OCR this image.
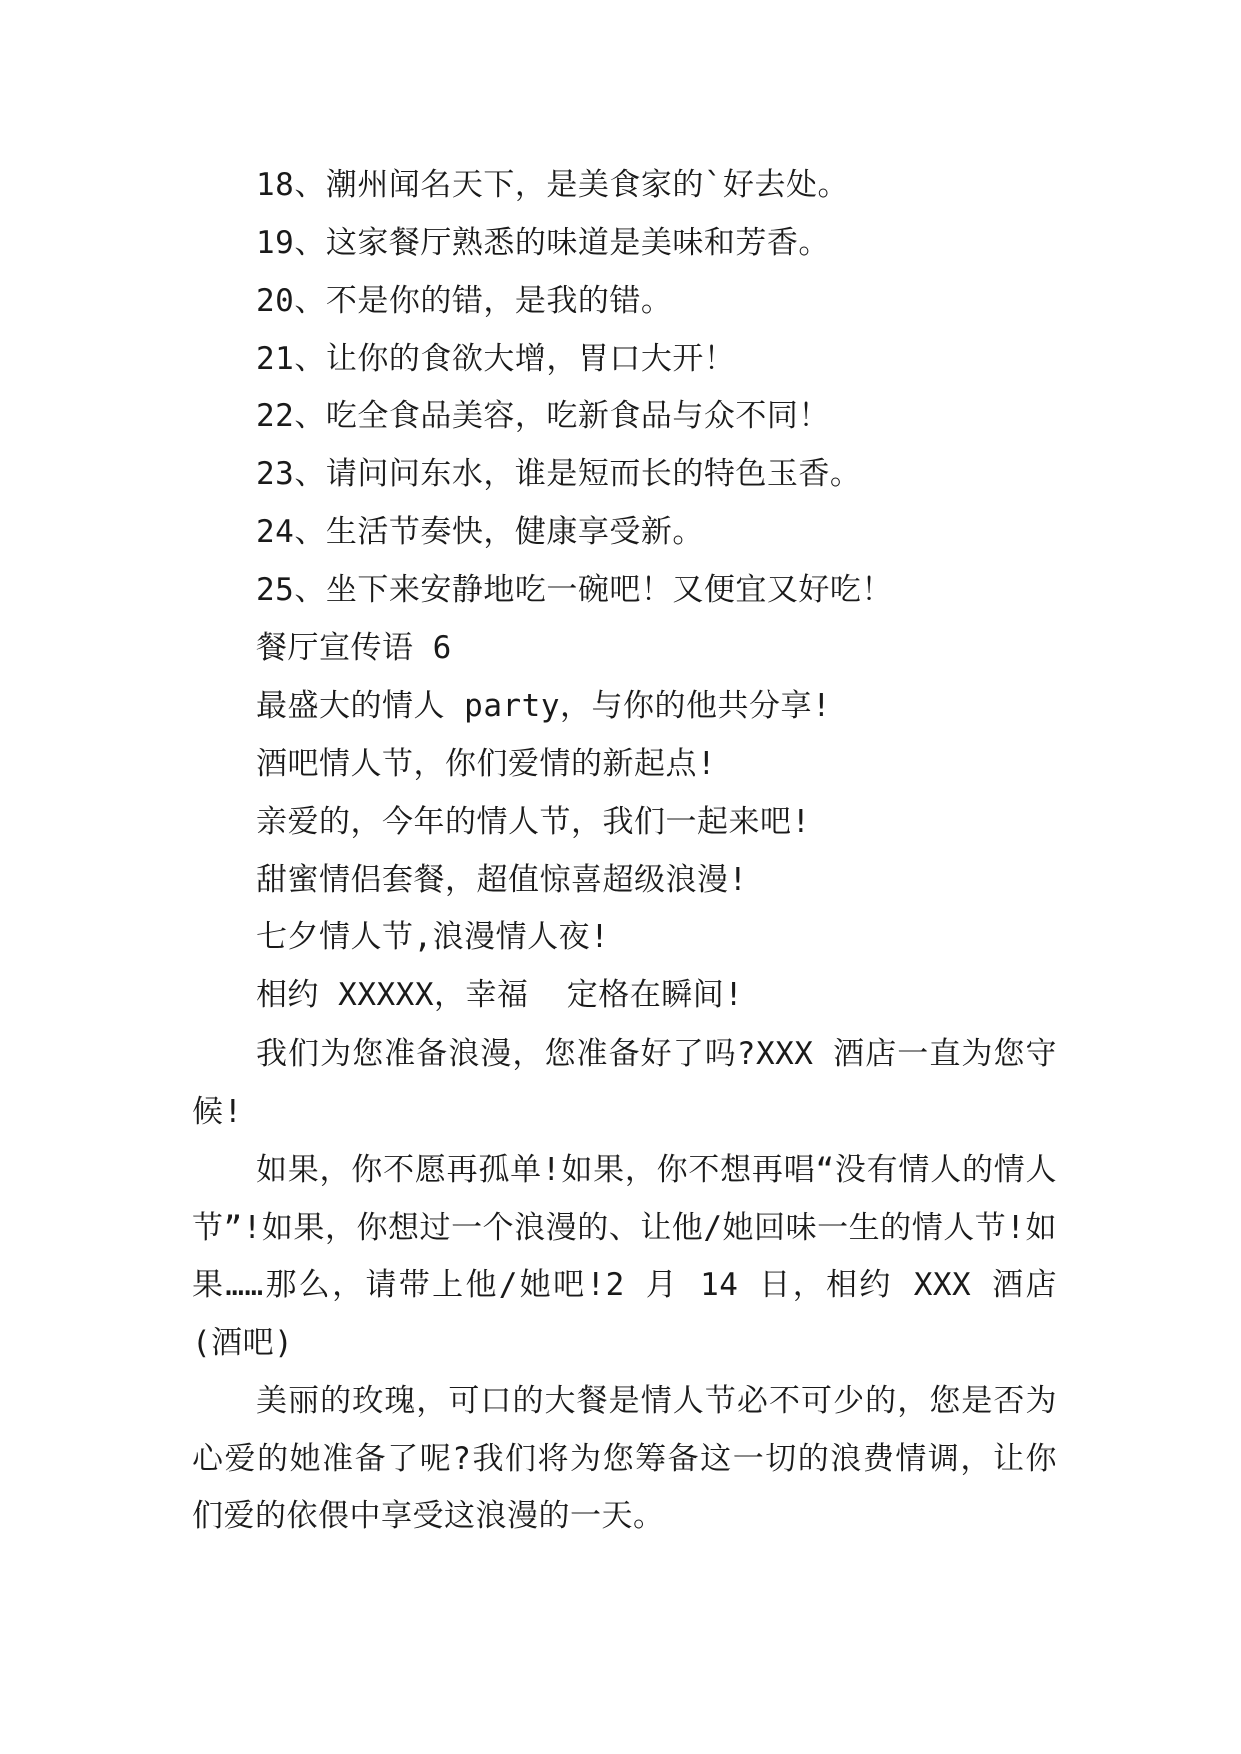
18、潮州闻名天下，是美食家的`好去处。
19、这家餐厅熟悉的味道是美味和芳香。
20、不是你的错，是我的错。
21、让你的食欲大增，胃口大开！
22、吃全食品美容，吃新食品与众不同！
23、请问问东水，谁是短而长的特色玉香。
24、生活节奏快，健康享受新。
25、坐下来安静地吃一碗吧！又便宜又好吃！
餐厅宣传语 6
最盛大的情人 party，与你的他共分享!
酒吧情人节，你们爱情的新起点!
亲爱的，今年的情人节，我们一起来吧!
甜蜜情侣套餐，超值惊喜超级浪漫!
七夕情人节,浪漫情人夜!
相约 XXXXX，幸福  定格在瞬间!

我们为您准备浪漫，您准备好了吗?XXX 酒店一直为您守候!

如果，你不愿再孤单!如果，你不想再唱“没有情人的情人节”!如果，你想过一个浪漫的、让他/她回味一生的情人节!如果……那么，请带上他/她吧!2 月 14 日，相约 XXX 酒店(酒吧)

美丽的玫瑰，可口的大餐是情人节必不可少的，您是否为心爱的她准备了呢?我们将为您筹备这一切的浪费情调，让你们爱的依偎中享受这浪漫的一天。
